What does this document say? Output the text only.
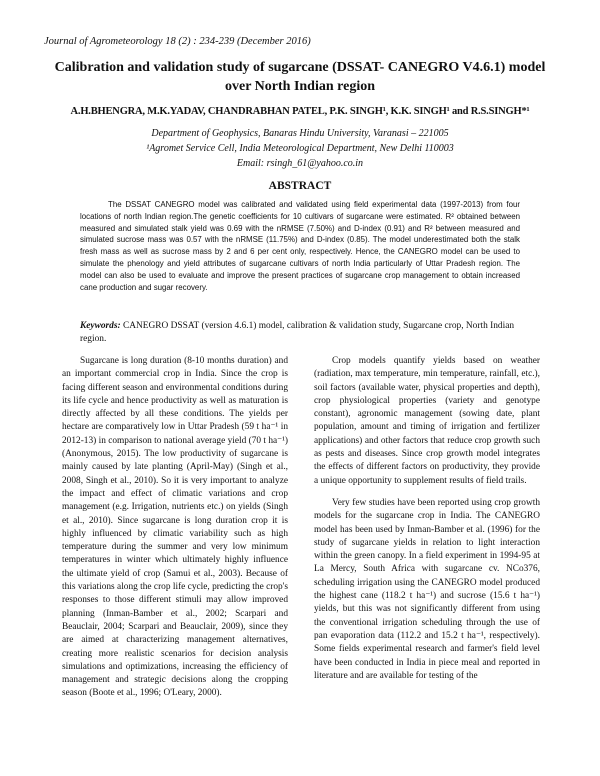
Journal of Agrometeorology 18 (2) : 234-239 (December 2016)
Calibration and validation study of sugarcane (DSSAT- CANEGRO V4.6.1) model
over North Indian region
A.H.BHENGRA, M.K.YADAV, CHANDRABHAN PATEL, P.K. SINGH¹, K.K. SINGH¹ and R.S.SINGH*¹
Department of Geophysics, Banaras Hindu University, Varanasi – 221005
¹Agromet Service Cell, India Meteorological Department, New Delhi 110003
Email: rsingh_61@yahoo.co.in
ABSTRACT

The DSSAT CANEGRO model was calibrated and validated using field experimental data (1997-2013) from four locations of north Indian region.The genetic coefficients for 10 cultivars of sugarcane were estimated. R² obtained between measured and simulated stalk yield was 0.69 with the nRMSE (7.50%) and D-index (0.91) and R² between measured and simulated sucrose mass was 0.57 with the nRMSE (11.75%) and D-index (0.85). The model underestimated both the stalk fresh mass as well as sucrose mass by 2 and 6 per cent only, respectively. Hence, the CANEGRO model can be used to simulate the phenology and yield attributes of sugarcane cultivars of north India particularly of Uttar Pradesh region. The model can also be used to evaluate and improve the present practices of sugarcane crop management to obtain increased cane production and sugar recovery.

Keywords: CANEGRO DSSAT (version 4.6.1) model, calibration & validation study, Sugarcane crop, North Indian region.

Sugarcane is long duration (8-10 months duration) and an important commercial crop in India. Since the crop is facing different season and environmental conditions during its life cycle and hence productivity as well as maturation is directly affected by all these conditions. The yields per hectare are comparatively low in Uttar Pradesh (59 t ha⁻¹ in 2012-13) in comparison to national average yield (70 t ha⁻¹) (Anonymous, 2015). The low productivity of sugarcane is mainly caused by late planting (April-May) (Singh et al., 2008, Singh et al., 2010). So it is very important to analyze the impact and effect of climatic variations and crop management (e.g. Irrigation, nutrients etc.) on yields (Singh et al., 2010). Since sugarcane is long duration crop it is highly influenced by climatic variability such as high temperature during the summer and very low minimum temperatures in winter which ultimately highly influence the ultimate yield of crop (Samui et al., 2003). Because of this variations along the crop life cycle, predicting the crop's responses to those different stimuli may allow improved planning (Inman-Bamber et al., 2002; Scarpari and Beauclair, 2004; Scarpari and Beauclair, 2009), since they are aimed at characterizing management alternatives, creating more realistic scenarios for decision analysis simulations and optimizations, increasing the efficiency of management and strategic decisions along the cropping season (Boote et al., 1996; O'Leary, 2000).

Crop models quantify yields based on weather (radiation, max temperature, min temperature, rainfall, etc.), soil factors (available water, physical properties and depth), crop physiological properties (variety and genotype constant), agronomic management (sowing date, plant population, amount and timing of irrigation and fertilizer applications) and other factors that reduce crop growth such as pests and diseases. Since crop growth model integrates the effects of different factors on productivity, they provide a unique opportunity to supplement results of field trails.

Very few studies have been reported using crop growth models for the sugarcane crop in India. The CANEGRO model has been used by Inman-Bamber et al. (1996) for the study of sugarcane yields in relation to light interaction within the green canopy. In a field experiment in 1994-95 at La Mercy, South Africa with sugarcane cv. NCo376, scheduling irrigation using the CANEGRO model produced the highest cane (118.2 t ha⁻¹) and sucrose (15.6 t ha⁻¹) yields, but this was not significantly different from using the conventional irrigation scheduling through the use of pan evaporation data (112.2 and 15.2 t ha⁻¹, respectively). Some fields experimental research and farmer's field level have been conducted in India in piece meal and reported in literature and are available for testing of the
